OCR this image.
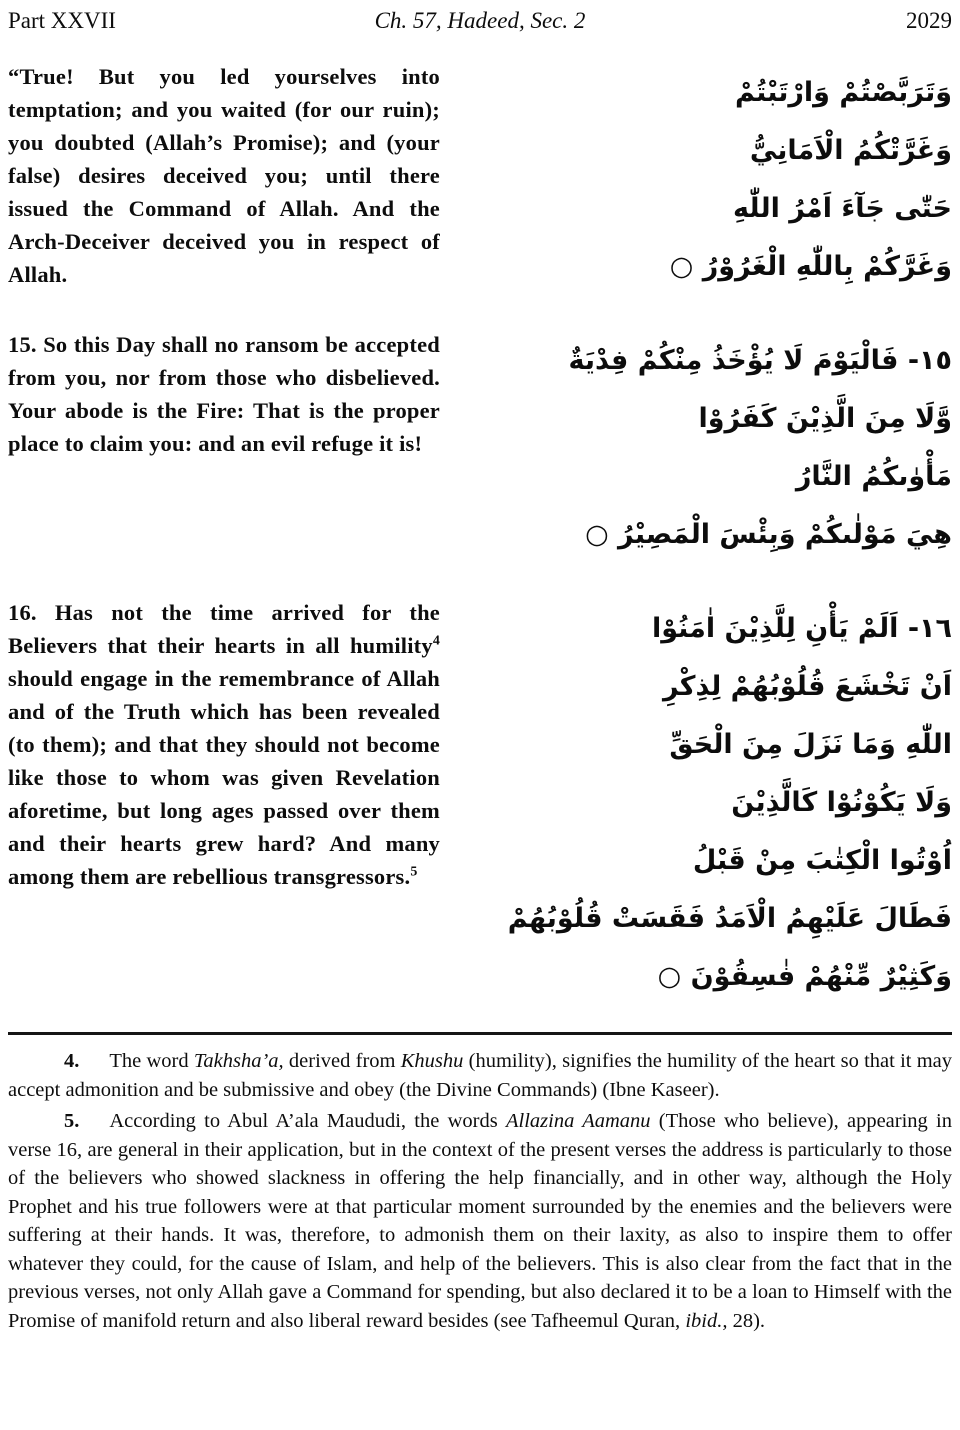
Part XXVII	Ch. 57, Hadeed, Sec. 2	2029
“True! But you led yourselves into temptation; and you waited (for our ruin); you doubted (Allah’s Promise); and (your false) desires deceived you; until there issued the Command of Allah. And the Arch-Deceiver deceived you in respect of Allah.
وَتَرَبَّصْتُمْ وَارْتَبْتُمْ
وَغَرَّتْكُمُ الْاَمَانِيُّ
حَتّٰى جَآءَ اَمْرُ اللّٰهِ
وَغَرَّكُمْ بِاللّٰهِ الْغَرُوْرُ ○
15. So this Day shall no ransom be accepted from you, nor from those who disbelieved. Your abode is the Fire: That is the proper place to claim you: and an evil refuge it is!
١٥- فَالْيَوْمَ لَا يُؤْخَذُ مِنْكُمْ فِدْيَةٌ
وَّلَا مِنَ الَّذِيْنَ كَفَرُوْا
مَأْوٰىكُمُ النَّارُ
هِيَ مَوْلٰىكُمْ وَبِئْسَ الْمَصِيْرُ ○
16. Has not the time arrived for the Believers that their hearts in all humility$^4$ should engage in the remembrance of Allah and of the Truth which has been revealed (to them); and that they should not become like those to whom was given Revelation aforetime, but long ages passed over them and their hearts grew hard? And many among them are rebellious transgressors.$^5$
١٦- اَلَمْ يَأْنِ لِلَّذِيْنَ اٰمَنُوْا
اَنْ تَخْشَعَ قُلُوْبُهُمْ لِذِكْرِ
اللّٰهِ وَمَا نَزَلَ مِنَ الْحَقِّ
وَلَا يَكُوْنُوْا كَالَّذِيْنَ
اُوْتُوا الْكِتٰبَ مِنْ قَبْلُ
فَطَالَ عَلَيْهِمُ الْاَمَدُ فَقَسَتْ قُلُوْبُهُمْ
وَكَثِيْرٌ مِّنْهُمْ فٰسِقُوْنَ ○

4. The word Takhsha’a, derived from Khushu (humility), signifies the humility of the heart so that it may accept admonition and be submissive and obey (the Divine Commands) (Ibne Kaseer).

5. According to Abul A’ala Maududi, the words Allazina Aamanu (Those who believe), appearing in verse 16, are general in their application, but in the context of the present verses the address is particularly to those of the believers who showed slackness in offering the help financially, and in other way, although the Holy Prophet and his true followers were at that particular moment surrounded by the enemies and the believers were suffering at their hands. It was, therefore, to admonish them on their laxity, as also to inspire them to offer whatever they could, for the cause of Islam, and help of the believers. This is also clear from the fact that in the previous verses, not only Allah gave a Command for spending, but also declared it to be a loan to Himself with the Promise of manifold return and also liberal reward besides (see Tafheemul Quran, ibid., 28).
